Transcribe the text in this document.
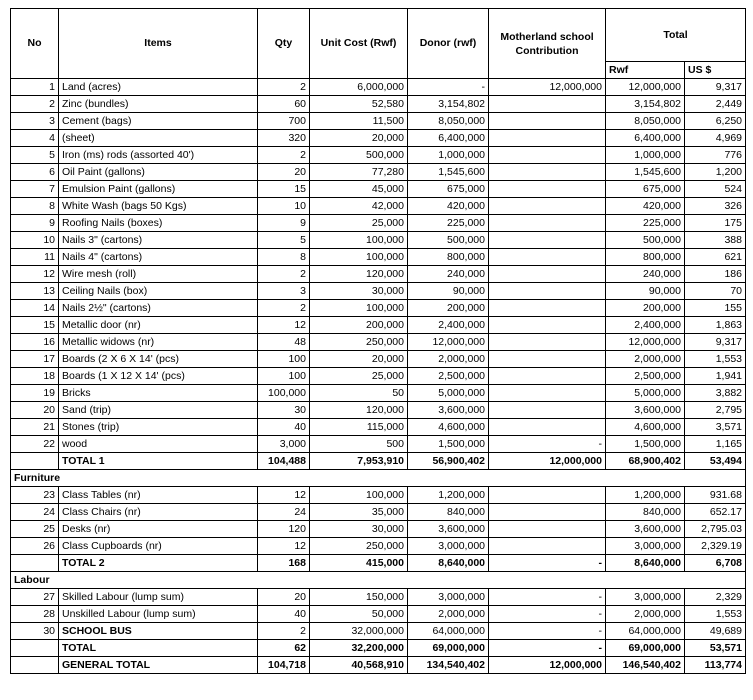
No	Items	Qty	Unit Cost (Rwf)	Donor (rwf)	Motherland school Contribution	Total	
						Rwf	US $
1	Land (acres)	2	6,000,000	-	12,000,000	12,000,000	9,317
2	Zinc (bundles)	60	52,580	3,154,802		3,154,802	2,449
3	Cement (bags)	700	11,500	8,050,000		8,050,000	6,250
4	(sheet)	320	20,000	6,400,000		6,400,000	4,969
5	Iron (ms) rods (assorted 40')	2	500,000	1,000,000		1,000,000	776
6	Oil Paint (gallons)	20	77,280	1,545,600		1,545,600	1,200
7	Emulsion Paint (gallons)	15	45,000	675,000		675,000	524
8	White Wash (bags 50 Kgs)	10	42,000	420,000		420,000	326
9	Roofing Nails (boxes)	9	25,000	225,000		225,000	175
10	Nails 3" (cartons)	5	100,000	500,000		500,000	388
11	Nails 4" (cartons)	8	100,000	800,000		800,000	621
12	Wire mesh (roll)	2	120,000	240,000		240,000	186
13	Ceiling Nails (box)	3	30,000	90,000		90,000	70
14	Nails 2½" (cartons)	2	100,000	200,000		200,000	155
15	Metallic door (nr)	12	200,000	2,400,000		2,400,000	1,863
16	Metallic widows (nr)	48	250,000	12,000,000		12,000,000	9,317
17	Boards (2 X 6 X 14' (pcs)	100	20,000	2,000,000		2,000,000	1,553
18	Boards (1 X 12 X 14' (pcs)	100	25,000	2,500,000		2,500,000	1,941
19	Bricks	100,000	50	5,000,000		5,000,000	3,882
20	Sand (trip)	30	120,000	3,600,000		3,600,000	2,795
21	Stones (trip)	40	115,000	4,600,000		4,600,000	3,571
22	wood	3,000	500	1,500,000	-	1,500,000	1,165
	TOTAL 1	104,488	7,953,910	56,900,402	12,000,000	68,900,402	53,494
Furniture							
23	Class Tables (nr)	12	100,000	1,200,000		1,200,000	931.68
24	Class Chairs (nr)	24	35,000	840,000		840,000	652.17
25	Desks (nr)	120	30,000	3,600,000		3,600,000	2,795.03
26	Class Cupboards (nr)	12	250,000	3,000,000		3,000,000	2,329.19
	TOTAL 2	168	415,000	8,640,000	-	8,640,000	6,708
Labour							
27	Skilled Labour (lump sum)	20	150,000	3,000,000	-	3,000,000	2,329
28	Unskilled Labour (lump sum)	40	50,000	2,000,000	-	2,000,000	1,553
30	SCHOOL BUS	2	32,000,000	64,000,000	-	64,000,000	49,689
	TOTAL	62	32,200,000	69,000,000	-	69,000,000	53,571
	GENERAL TOTAL	104,718	40,568,910	134,540,402	12,000,000	146,540,402	113,774
